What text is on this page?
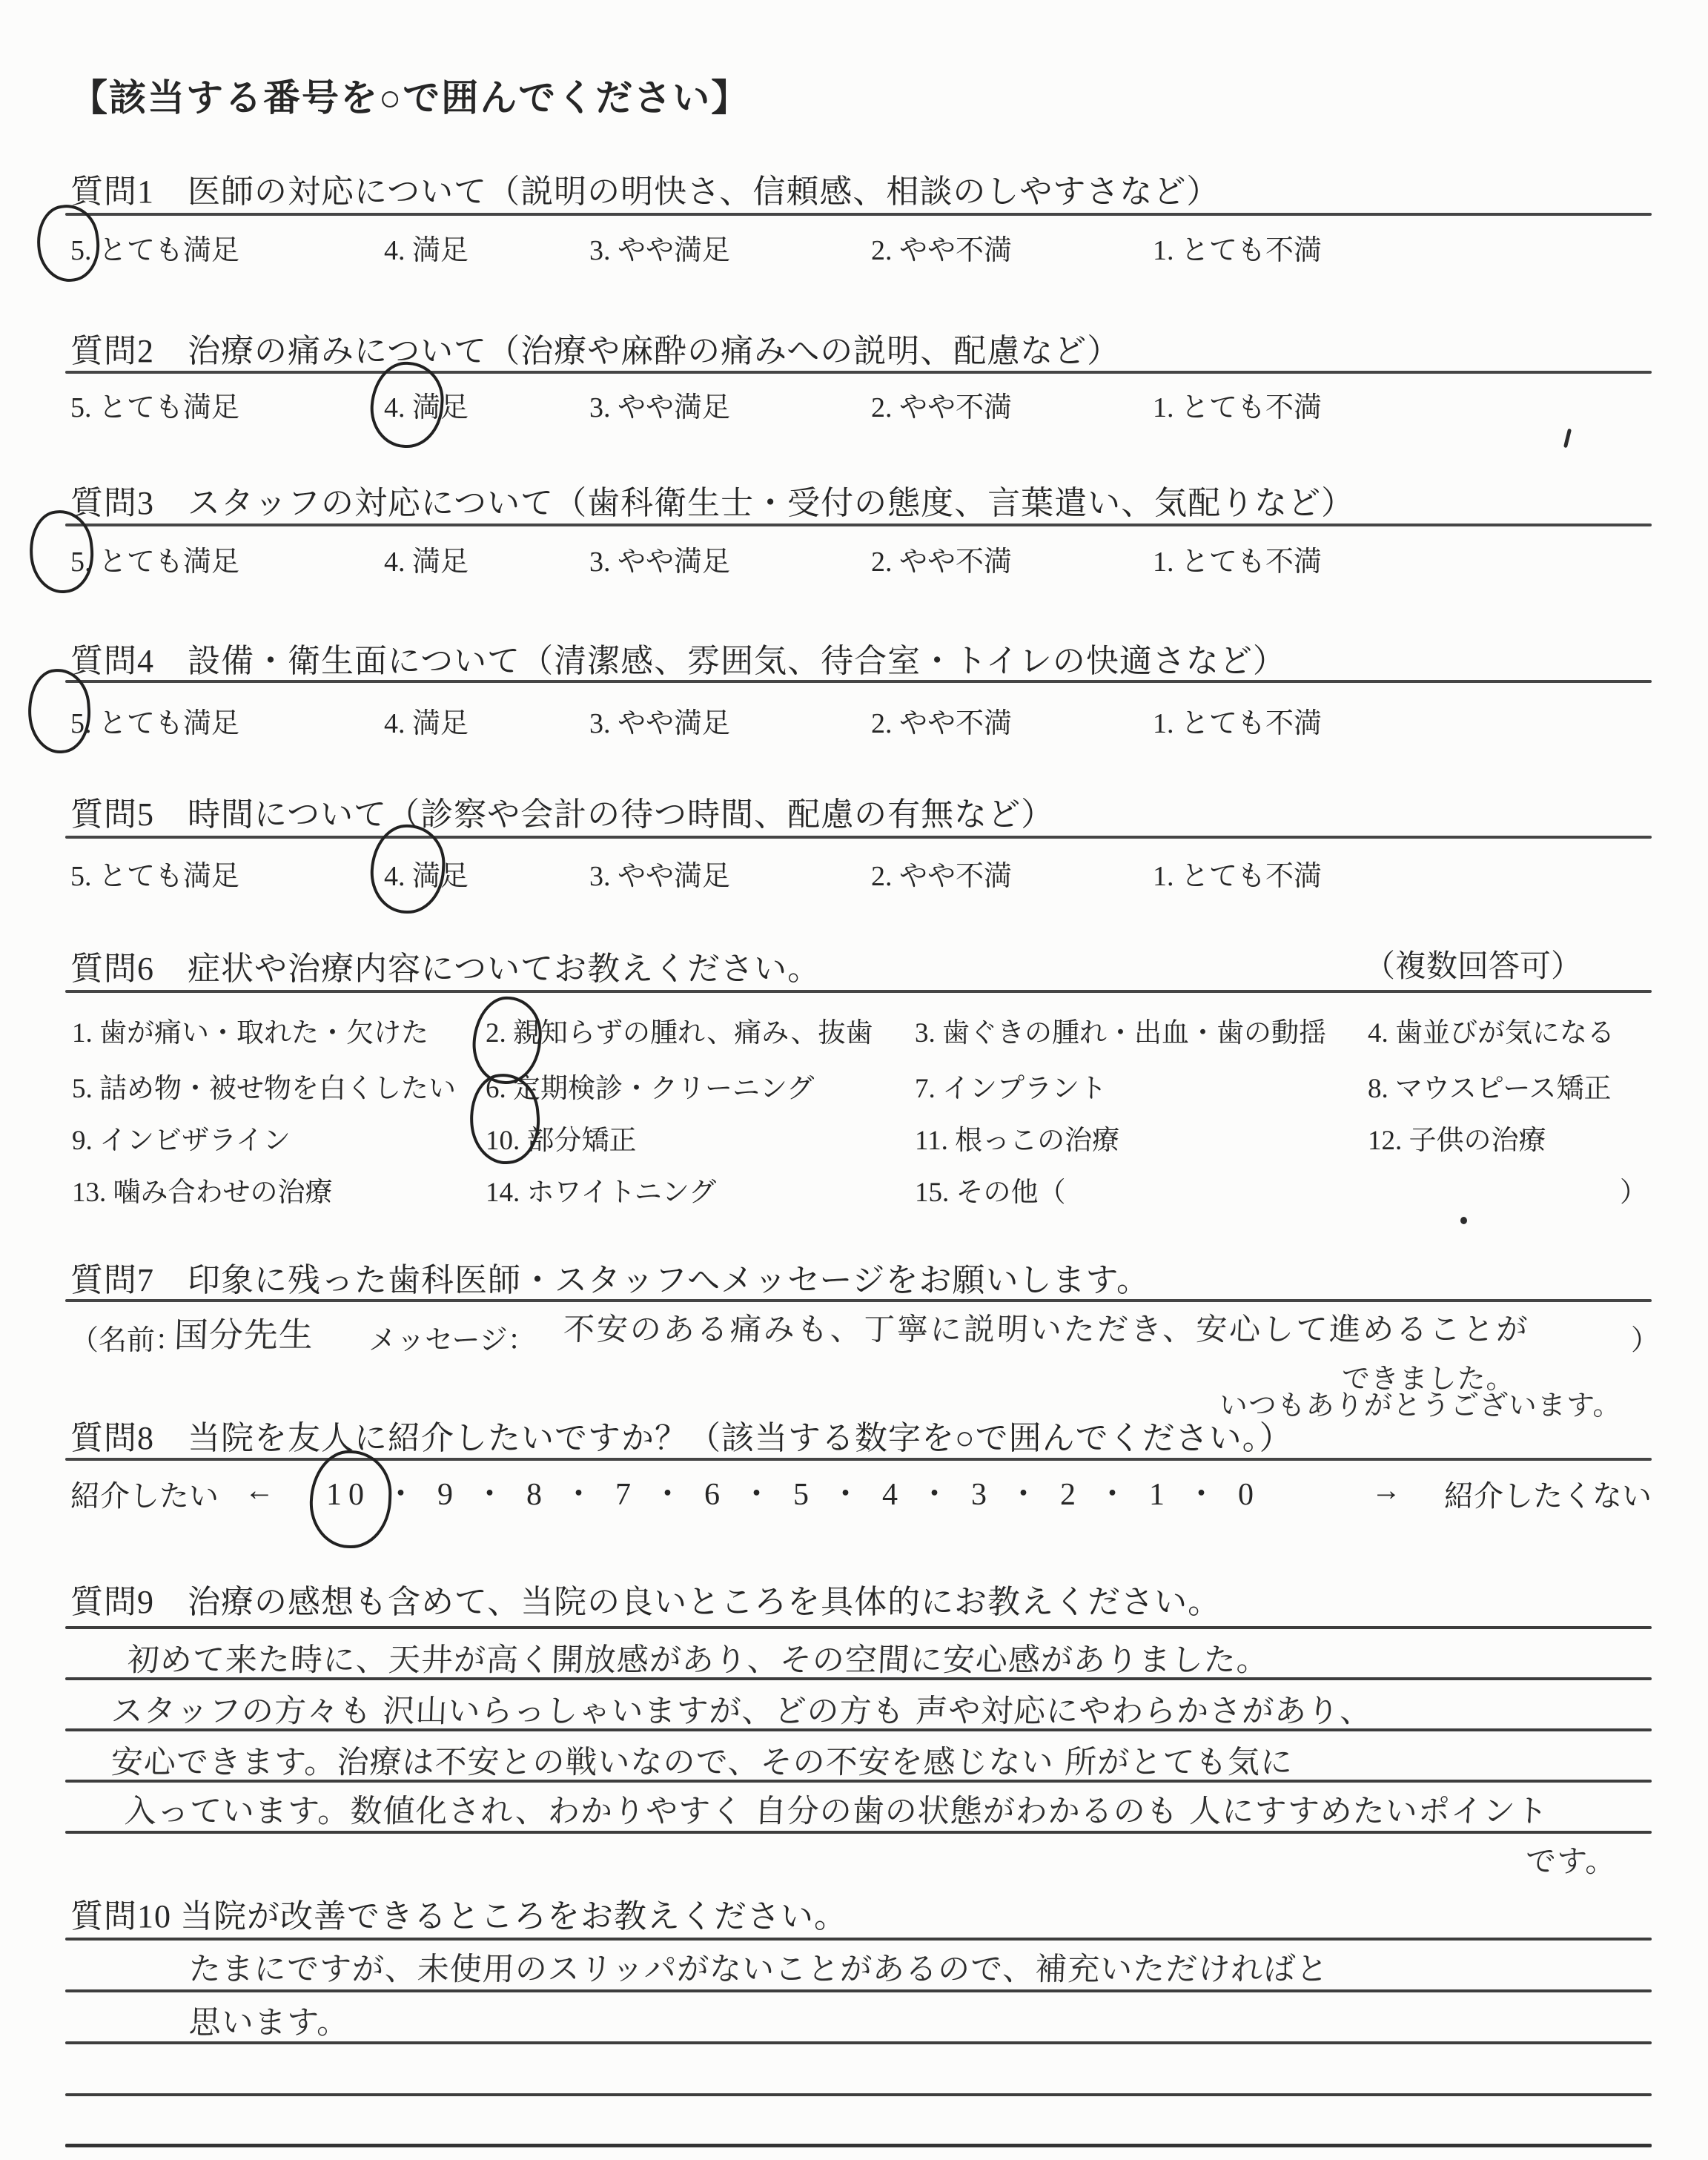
【該当する番号を○で囲んでください】
質問1　医師の対応について（説明の明快さ、信頼感、相談のしやすさなど）
5. とても満足	4. 満足	3. やや満足	2. やや不満	1. とても不満
質問2　治療の痛みについて（治療や麻酔の痛みへの説明、配慮など）
5. とても満足	4. 満足	3. やや満足	2. やや不満	1. とても不満
質問3　スタッフの対応について（歯科衛生士・受付の態度、言葉遣い、気配りなど）
5. とても満足	4. 満足	3. やや満足	2. やや不満	1. とても不満
質問4　設備・衛生面について（清潔感、雰囲気、待合室・トイレの快適さなど）
5. とても満足	4. 満足	3. やや満足	2. やや不満	1. とても不満
質問5　時間について（診察や会計の待つ時間、配慮の有無など）
5. とても満足	4. 満足	3. やや満足	2. やや不満	1. とても不満
質問6　症状や治療内容についてお教えください。	（複数回答可）
1. 歯が痛い・取れた・欠けた 2. 親知らずの腫れ、痛み、抜歯 3. 歯ぐきの腫れ・出血・歯の動揺 4. 歯並びが気になる
5. 詰め物・被せ物を白くしたい 6. 定期検診・クリーニング	7. インプラント	8. マウスピース矯正
9. インビザライン	10. 部分矯正	11. 根っこの治療	12. 子供の治療
13. 噛み合わせの治療	14. ホワイトニング	15. その他（	）
質問7　印象に残った歯科医師・スタッフへメッセージをお願いします。
（名前：
国分先生 メッセージ： 不安のある痛みも、丁寧に説明いただき、安心して進めることが	）
できました。
いつもありがとうございます。
質問8　当院を友人に紹介したいですか？（該当する数字を○で囲んでください。）
紹介したい ← 10 ・ 9 ・ 8 ・ 7 ・ 6 ・ 5 ・ 4 ・ 3 ・ 2 ・ 1 ・ 0	→ 紹介したくない
質問9　治療の感想も含めて、当院の良いところを具体的にお教えください。
初めて来た時に、天井が高く開放感があり、その空間に安心感がありました。
スタッフの方々も 沢山いらっしゃいますが、どの方も 声や対応にやわらかさがあり、
安心できます。治療は不安との戦いなので、その不安を感じない 所がとても気に
入っています。数値化され、わかりやすく 自分の歯の状態がわかるのも 人にすすめたいポイント
です。
質問10 当院が改善できるところをお教えください。
たまにですが、未使用のスリッパがないことがあるので、補充いただければと
思います。
